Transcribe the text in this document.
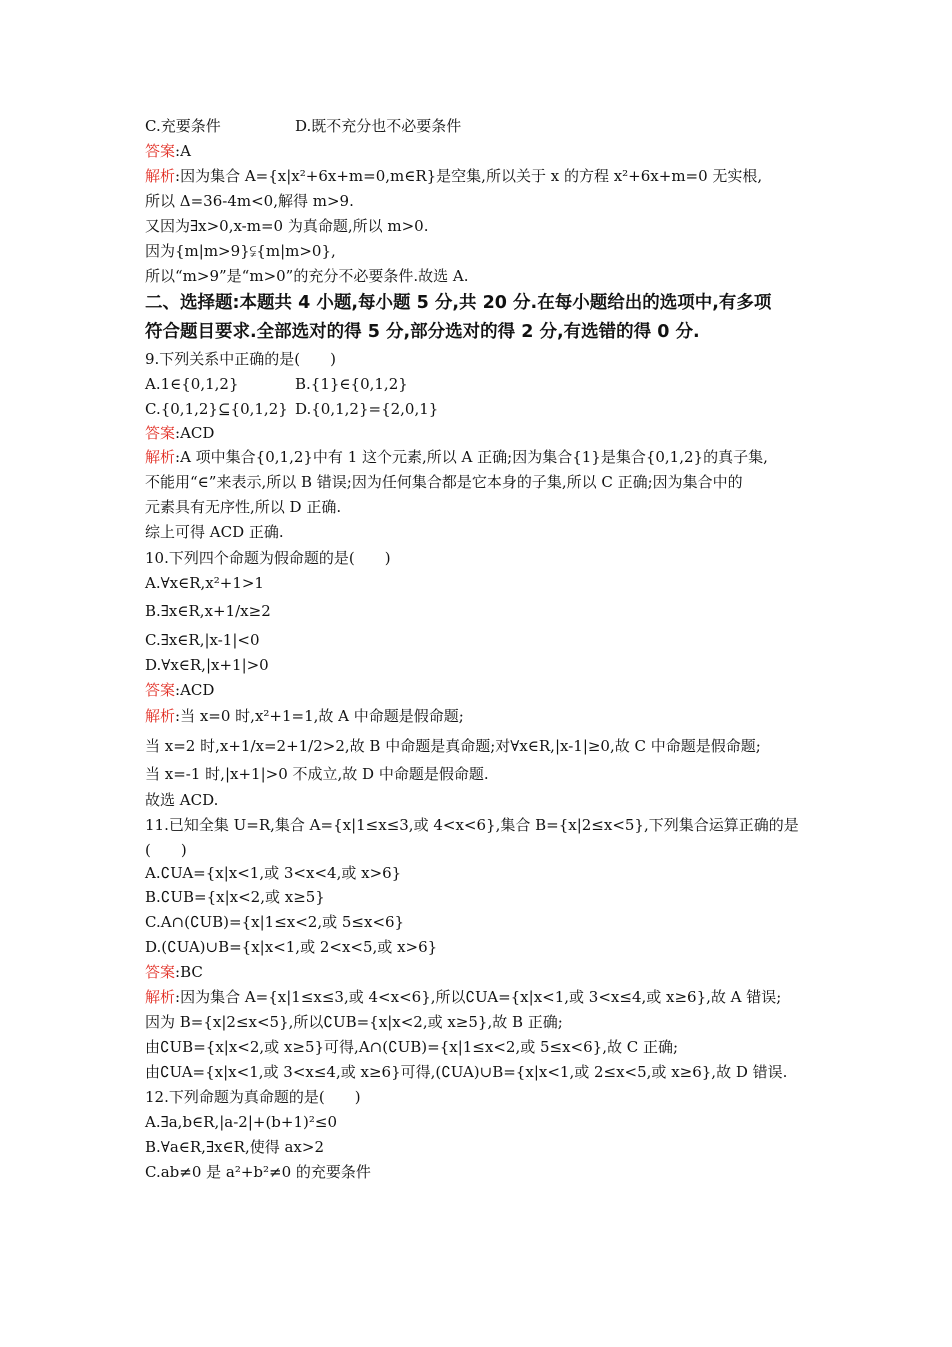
C.充要条件	D.既不充分也不必要条件
答案:A
解析:因为集合 A={x|x²+6x+m=0,m∈R}是空集,所以关于 x 的方程 x²+6x+m=0 无实根,
所以 Δ=36-4m<0,解得 m>9.
又因为∃x>0,x-m=0 为真命题,所以 m>0.
因为{m|m>9}⫋{m|m>0},
所以“m>9”是“m>0”的充分不必要条件.故选 A.
二、选择题:本题共 4 小题,每小题 5 分,共 20 分.在每小题给出的选项中,有多项
符合题目要求.全部选对的得 5 分,部分选对的得 2 分,有选错的得 0 分.
9.下列关系中正确的是(　　)
A.1∈{0,1,2}	B.{1}∈{0,1,2}
C.{0,1,2}⊆{0,1,2} D.{0,1,2}={2,0,1}
答案:ACD
解析:A 项中集合{0,1,2}中有 1 这个元素,所以 A 正确;因为集合{1}是集合{0,1,2}的真子集,
不能用“∈”来表示,所以 B 错误;因为任何集合都是它本身的子集,所以 C 正确;因为集合中的
元素具有无序性,所以 D 正确.
综上可得 ACD 正确.
10.下列四个命题为假命题的是(　　)
A.∀x∈R,x²+1>1
B.∃x∈R,x+1/x≥2
C.∃x∈R,|x-1|<0
D.∀x∈R,|x+1|>0
答案:ACD
解析:当 x=0 时,x²+1=1,故 A 中命题是假命题;
当 x=2 时,x+1/x=2+1/2>2,故 B 中命题是真命题;对∀x∈R,|x-1|≥0,故 C 中命题是假命题;
当 x=-1 时,|x+1|>0 不成立,故 D 中命题是假命题.
故选 ACD.
11.已知全集 U=R,集合 A={x|1≤x≤3,或 4<x<6},集合 B={x|2≤x<5},下列集合运算正确的是
(　　)
A.∁UA={x|x<1,或 3<x<4,或 x>6}
B.∁UB={x|x<2,或 x≥5}
C.A∩(∁UB)={x|1≤x<2,或 5≤x<6}
D.(∁UA)∪B={x|x<1,或 2<x<5,或 x>6}
答案:BC
解析:因为集合 A={x|1≤x≤3,或 4<x<6},所以∁UA={x|x<1,或 3<x≤4,或 x≥6},故 A 错误;
因为 B={x|2≤x<5},所以∁UB={x|x<2,或 x≥5},故 B 正确;
由∁UB={x|x<2,或 x≥5}可得,A∩(∁UB)={x|1≤x<2,或 5≤x<6},故 C 正确;
由∁UA={x|x<1,或 3<x≤4,或 x≥6}可得,(∁UA)∪B={x|x<1,或 2≤x<5,或 x≥6},故 D 错误.
12.下列命题为真命题的是(　　)
A.∃a,b∈R,|a-2|+(b+1)²≤0
B.∀a∈R,∃x∈R,使得 ax>2
C.ab≠0 是 a²+b²≠0 的充要条件
